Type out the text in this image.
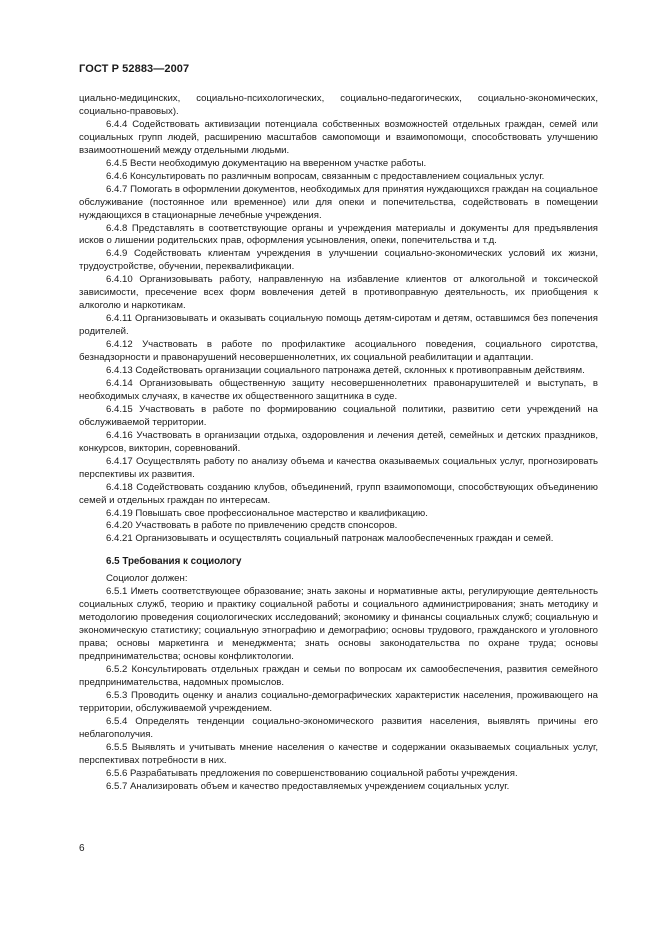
ГОСТ Р 52883—2007

циально-медицинских, социально-психологических, социально-педагогических, социально-экономических, социально-правовых).

6.4.4 Содействовать активизации потенциала собственных возможностей отдельных граждан, семей или социальных групп людей, расширению масштабов самопомощи и взаимопомощи, способствовать улучшению взаимоотношений между отдельными людьми.

6.4.5 Вести необходимую документацию на вверенном участке работы.

6.4.6 Консультировать по различным вопросам, связанным с предоставлением социальных услуг.

6.4.7 Помогать в оформлении документов, необходимых для принятия нуждающихся граждан на социальное обслуживание (постоянное или временное) или для опеки и попечительства, содействовать в помещении нуждающихся в стационарные лечебные учреждения.

6.4.8 Представлять в соответствующие органы и учреждения материалы и документы для предъявления исков о лишении родительских прав, оформления усыновления, опеки, попечительства и т.д.

6.4.9 Содействовать клиентам учреждения в улучшении социально-экономических условий их жизни, трудоустройстве, обучении, переквалификации.

6.4.10 Организовывать работу, направленную на избавление клиентов от алкогольной и токсической зависимости, пресечение всех форм вовлечения детей в противоправную деятельность, их приобщения к алкоголю и наркотикам.

6.4.11 Организовывать и оказывать социальную помощь детям-сиротам и детям, оставшимся без попечения родителей.

6.4.12 Участвовать в работе по профилактике асоциального поведения, социального сиротства, безнадзорности и правонарушений несовершеннолетних, их социальной реабилитации и адаптации.

6.4.13 Содействовать организации социального патронажа детей, склонных к противоправным действиям.

6.4.14 Организовывать общественную защиту несовершеннолетних правонарушителей и выступать, в необходимых случаях, в качестве их общественного защитника в суде.

6.4.15 Участвовать в работе по формированию социальной политики, развитию сети учреждений на обслуживаемой территории.

6.4.16 Участвовать в организации отдыха, оздоровления и лечения детей, семейных и детских праздников, конкурсов, викторин, соревнований.

6.4.17 Осуществлять работу по анализу объема и качества оказываемых социальных услуг, прогнозировать перспективы их развития.

6.4.18 Содействовать созданию клубов, объединений, групп взаимопомощи, способствующих объединению семей и отдельных граждан по интересам.

6.4.19 Повышать свое профессиональное мастерство и квалификацию.

6.4.20 Участвовать в работе по привлечению средств спонсоров.

6.4.21 Организовывать и осуществлять социальный патронаж малообеспеченных граждан и семей.

6.5 Требования к социологу

Социолог должен:

6.5.1 Иметь соответствующее образование; знать законы и нормативные акты, регулирующие деятельность социальных служб, теорию и практику социальной работы и социального администрирования; знать методику и методологию проведения социологических исследований; экономику и финансы социальных служб; социальную и экономическую статистику; социальную этнографию и демографию; основы трудового, гражданского и уголовного права; основы маркетинга и менеджмента; знать основы законодательства по охране труда; основы предпринимательства; основы конфликтологии.

6.5.2 Консультировать отдельных граждан и семьи по вопросам их самообеспечения, развития семейного предпринимательства, надомных промыслов.

6.5.3 Проводить оценку и анализ социально-демографических характеристик населения, проживающего на территории, обслуживаемой учреждением.

6.5.4 Определять тенденции социально-экономического развития населения, выявлять причины его неблагополучия.

6.5.5 Выявлять и учитывать мнение населения о качестве и содержании оказываемых социальных услуг, перспективах потребности в них.

6.5.6 Разрабатывать предложения по совершенствованию социальной работы учреждения.

6.5.7 Анализировать объем и качество предоставляемых учреждением социальных услуг.

6
